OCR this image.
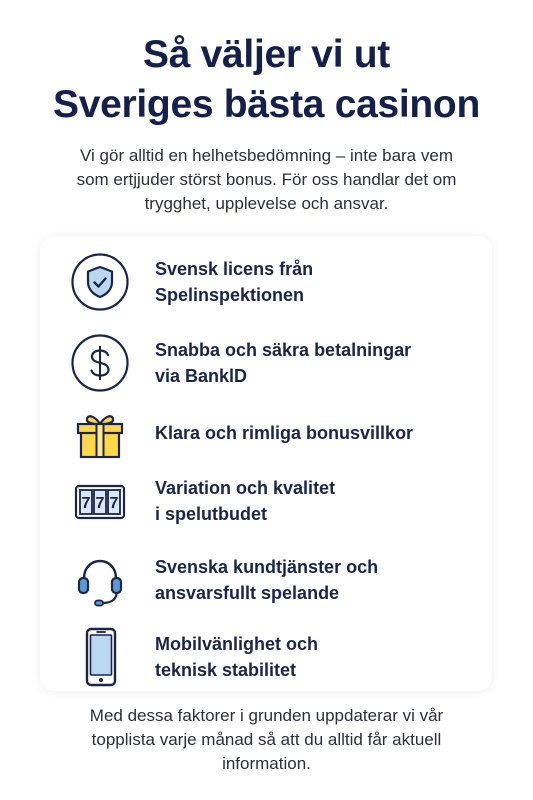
Så väljer vi ut
Sveriges bästa casinon
Vi gör alltid en helhetsbedömning – inte bara vem
som ertjjuder störst bonus. För oss handlar det om
trygghet, upplevelse och ansvar.
Svensk licens från
Spelinspektionen
Snabba och säkra betalningar
via BanklD
Klara och rimliga bonusvillkor
7 7 7
Variation och kvalitet
i spelutbudet
Svenska kundtjänster och
ansvarsfullt spelande
Mobilvänlighet och
teknisk stabilitet
Med dessa faktorer i grunden uppdaterar vi vår
topplista varje månad så att du alltid får aktuell
information.
